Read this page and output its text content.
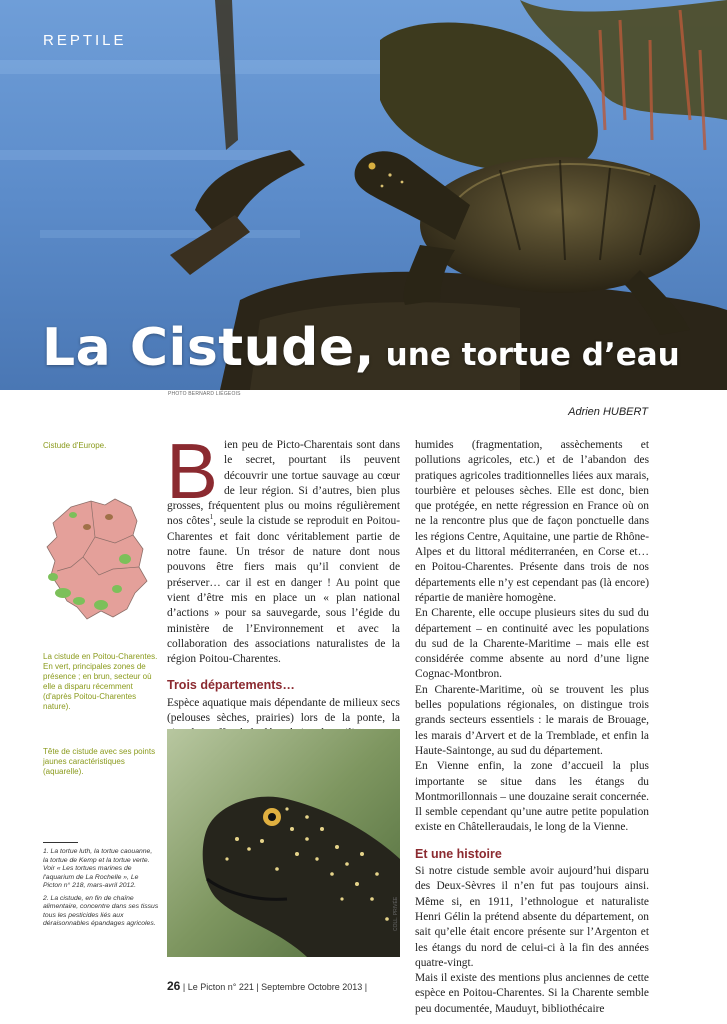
REPTILE
La Cistude, une tortue d’eau
PHOTO BERNARD LIÉGEOIS
Adrien HUBERT
Cistude d'Europe.
La cistude en Poitou-Charentes. En vert, principales zones de présence ; en brun, secteur où elle a disparu récemment (d'après Poitou-Charentes nature).
Tête de cistude avec ses points jaunes caractéristiques (aquarelle).

1. La tortue luth, la tortue caouanne, la tortue de Kemp et la tortue verte. Voir « Les tortues marines de l'aquarium de La Rochelle », Le Picton n° 218, mars-avril 2012.

2. La cistude, en fin de chaîne alimentaire, concentre dans ses tissus tous les pesticides liés aux déraisonnables épandages agricoles.

B ien peu de Picto-Charentais sont dans le secret, pourtant ils peuvent découvrir une tortue sauvage au cœur de leur région. Si d’autres, bien plus grosses, fréquentent plus ou moins régulièrement nos côtes$^1$, seule la cistude se reproduit en Poitou-Charentes et fait donc véritablement partie de notre faune. Un trésor de nature dont nous pouvons être fiers mais qu’il convient de préserver… car il est en danger ! Au point que vient d’être mis en place un « plan national d’actions » pour sa sauvegarde, sous l’égide du ministère de l’Environnement et avec la collaboration des associations naturalistes de la région Poitou-Charentes.

Trois départements…

Espèce aquatique mais dépendante de milieux secs (pelouses sèches, prairies) lors de la ponte, la

COLL. PRIVÉE

humides (fragmentation, assèchements et pollutions agricoles, etc.) et de l’abandon des pratiques agricoles traditionnelles liées aux marais, tourbière et pelouses sèches. Elle est donc, bien que protégée, en nette régression en France où on ne la rencontre plus que de façon ponctuelle dans les régions Centre, Aquitaine, une partie de Rhône-Alpes et du littoral méditerranéen, en Corse et… en Poitou-Charentes. Présente dans trois de nos départements elle n’y est cependant pas (là encore) répartie de manière homogène.

En Charente, elle occupe plusieurs sites du sud du département – en continuité avec les populations du sud de la Charente-Maritime – mais elle est considérée comme absente au nord d’une ligne Cognac-Montbron.

En Charente-Maritime, où se trouvent les plus belles populations régionales, on distingue trois grands secteurs essentiels : le marais de Brouage, les marais d’Arvert et de la Tremblade, et enfin la Haute-Saintonge, au sud du département.

En Vienne enfin, la zone d’accueil la plus importante se situe dans les étangs du Montmorillonnais – une douzaine serait concernée. Il semble cependant qu’une autre petite population existe en Châtelleraudais, le long de la Vienne.

Et une histoire

Si notre cistude semble avoir aujourd’hui disparu des Deux-Sèvres il n’en fut pas toujours ainsi. Même si, en 1911, l’ethnologue et naturaliste Henri Gélin la prétend absente du département, on sait qu’elle était encore présente sur l’Argenton et les étangs du nord de celui-ci à la fin des années quatre-vingt.

Mais il existe des mentions plus anciennes de cette espèce en Poitou-Charentes. Si la Charente semble peu documentée, Mauduyt, bibliothécaire

26 | Le Picton n° 221 | Septembre Octobre 2013 |
